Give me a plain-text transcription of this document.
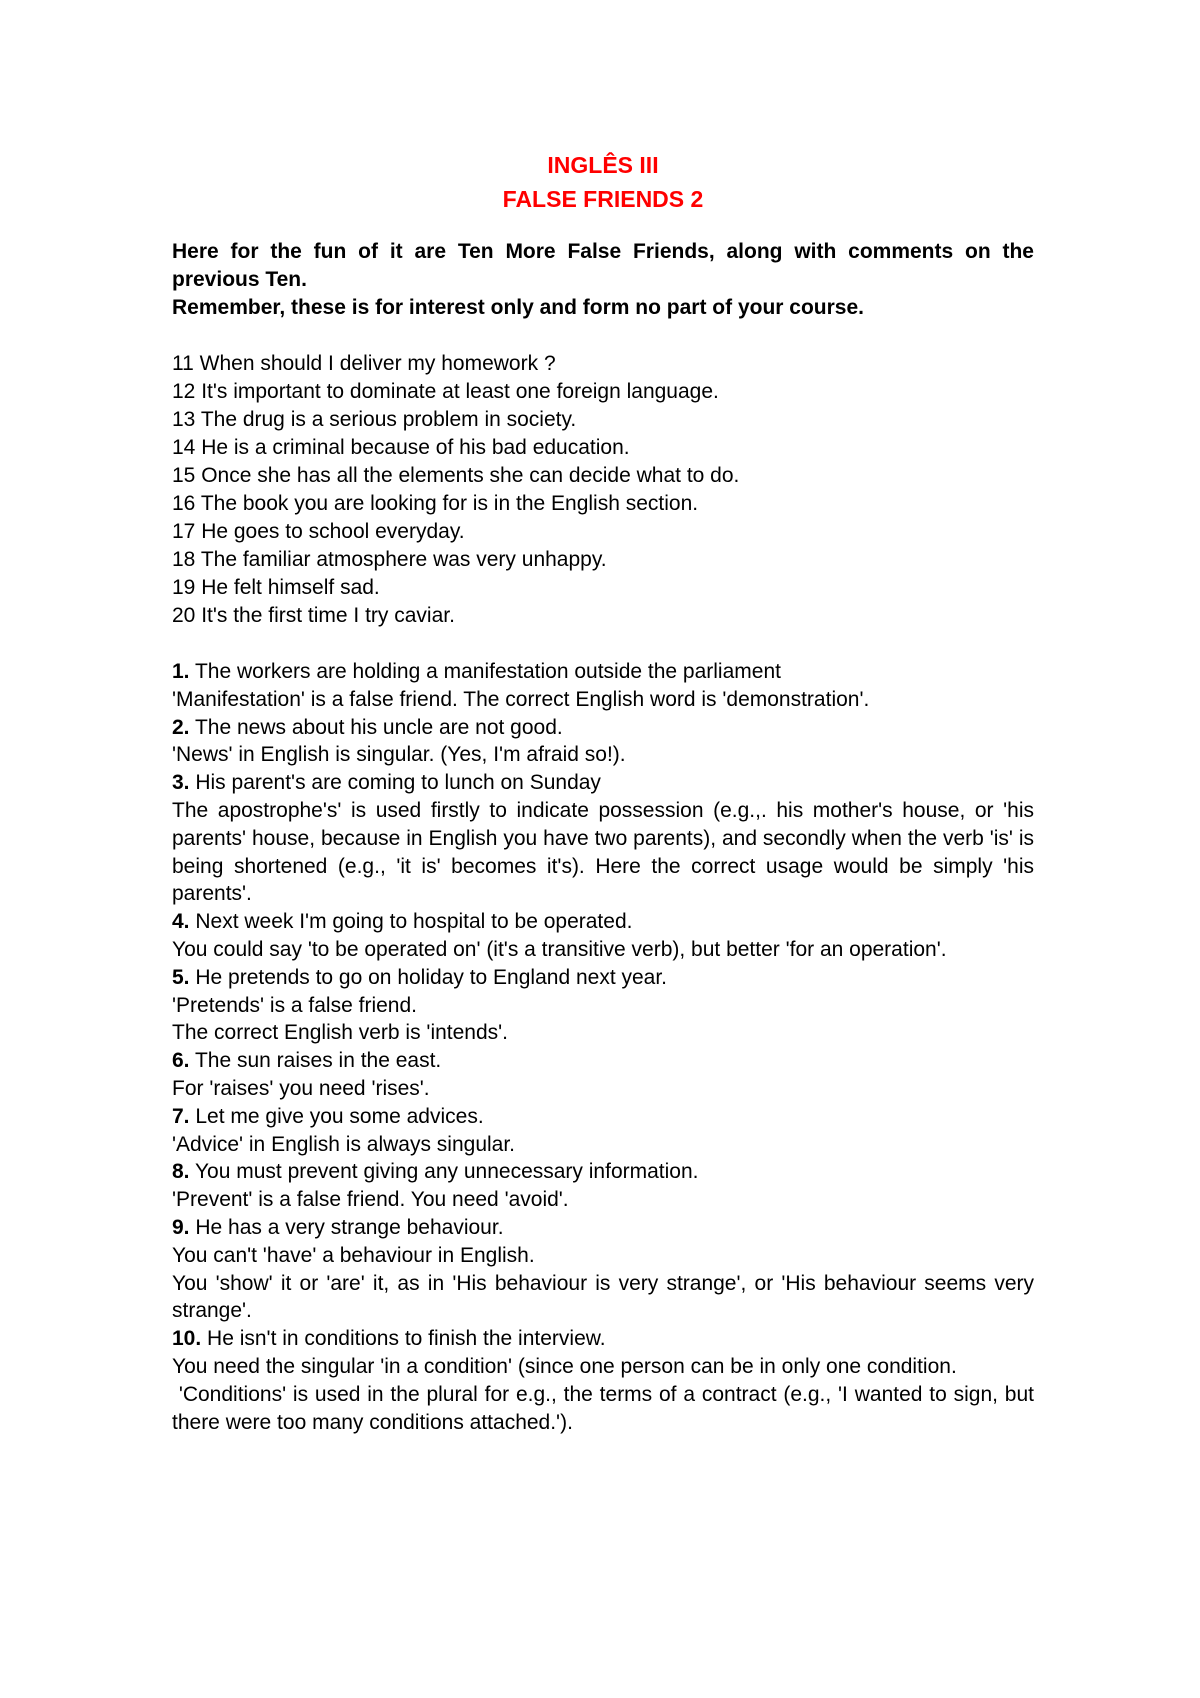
INGLÊS III
FALSE FRIENDS 2

Here for the fun of it are Ten More False Friends, along with comments on the previous Ten.

Remember, these is for interest only and form no part of your course.

11 When should I deliver my homework ?
12 It's important to dominate at least one foreign language.
13 The drug is a serious problem in society.
14 He is a criminal because of his bad education.
15 Once she has all the elements she can decide what to do.
16 The book you are looking for is in the English section.
17 He goes to school everyday.
18 The familiar atmosphere was very unhappy.
19 He felt himself sad.
20 It's the first time I try caviar.
1. The workers are holding a manifestation outside the parliament
'Manifestation' is a false friend. The correct English word is 'demonstration'.
2. The news about his uncle are not good.
'News' in English is singular. (Yes, I'm afraid so!).
3. His parent's are coming to lunch on Sunday
The apostrophe's' is used firstly to indicate possession (e.g.,. his mother's house, or 'his parents' house, because in English you have two parents), and secondly when the verb 'is' is being shortened (e.g., 'it is' becomes it's). Here the correct usage would be simply 'his parents'.
4. Next week I'm going to hospital to be operated.
You could say 'to be operated on' (it's a transitive verb), but better 'for an operation'.
5. He pretends to go on holiday to England next year.
'Pretends' is a false friend.
The correct English verb is 'intends'.
6. The sun raises in the east.
For 'raises' you need 'rises'.
7. Let me give you some advices.
'Advice' in English is always singular.
8. You must prevent giving any unnecessary information.
'Prevent' is a false friend. You need 'avoid'.
9. He has a very strange behaviour.
You can't 'have' a behaviour in English.
You 'show' it or 'are' it, as in 'His behaviour is very strange', or 'His behaviour seems very strange'.
10. He isn't in conditions to finish the interview.
You need the singular 'in a condition' (since one person can be in only one condition.
'Conditions' is used in the plural for e.g., the terms of a contract (e.g., 'I wanted to sign, but there were too many conditions attached.').
